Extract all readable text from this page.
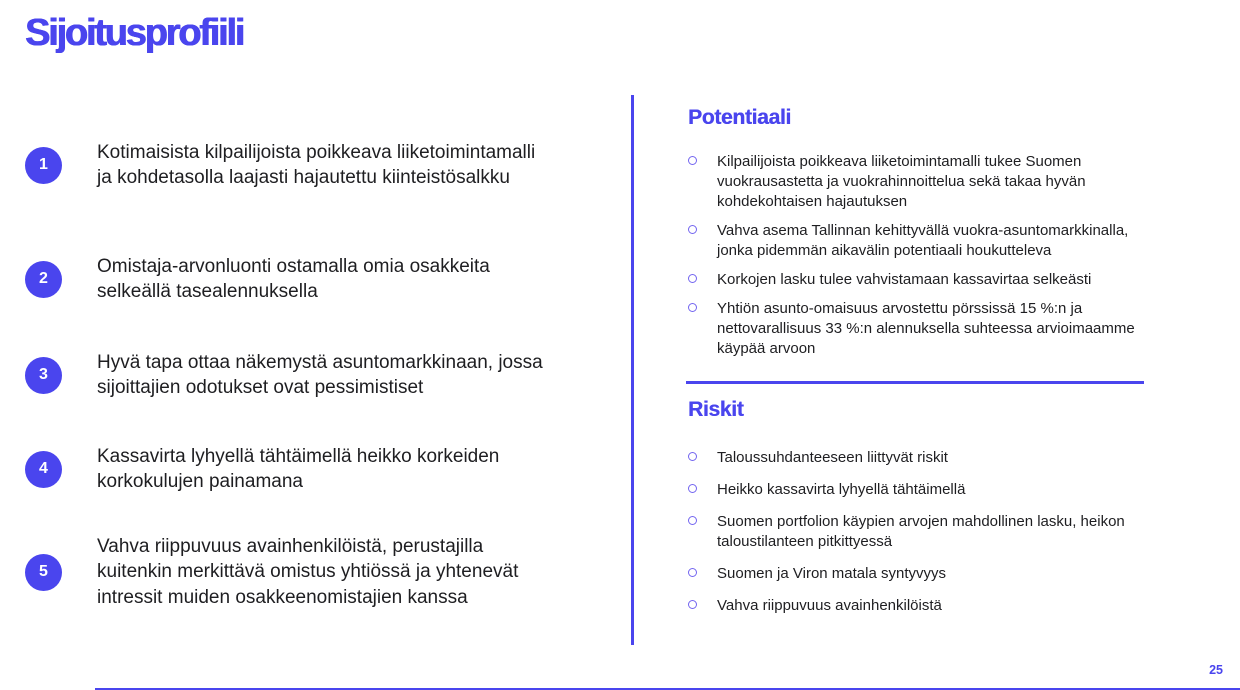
Sijoitusprofiili
1
Kotimaisista kilpailijoista poikkeava liiketoimintamalli ja kohdetasolla laajasti hajautettu kiinteistösalkku
2
Omistaja-arvonluonti ostamalla omia osakkeita selkeällä tasealennuksella
3
Hyvä tapa ottaa näkemystä asuntomarkkinaan, jossa sijoittajien odotukset ovat pessimistiset
4
Kassavirta lyhyellä tähtäimellä heikko korkeiden korkokulujen painamana
5
Vahva riippuvuus avainhenkilöistä, perustajilla kuitenkin merkittävä omistus yhtiössä ja yhtenevät intressit muiden osakkeenomistajien kanssa
Potentiaali
Kilpailijoista poikkeava liiketoimintamalli tukee Suomen vuokrausastetta ja vuokrahinnoittelua sekä takaa hyvän kohdekohtaisen hajautuksen
Vahva asema Tallinnan kehittyvällä vuokra-asuntomarkkinalla, jonka pidemmän aikavälin potentiaali houkutteleva
Korkojen lasku tulee vahvistamaan kassavirtaa selkeästi
Yhtiön asunto-omaisuus arvostettu pörssissä 15 %:n ja nettovarallisuus 33 %:n alennuksella suhteessa arvioimaamme käypää arvoon
Riskit
Taloussuhdanteeseen liittyvät riskit
Heikko kassavirta lyhyellä tähtäimellä
Suomen portfolion käypien arvojen mahdollinen lasku, heikon taloustilanteen pitkittyessä
Suomen ja Viron matala syntyvyys
Vahva riippuvuus avainhenkilöistä
25
